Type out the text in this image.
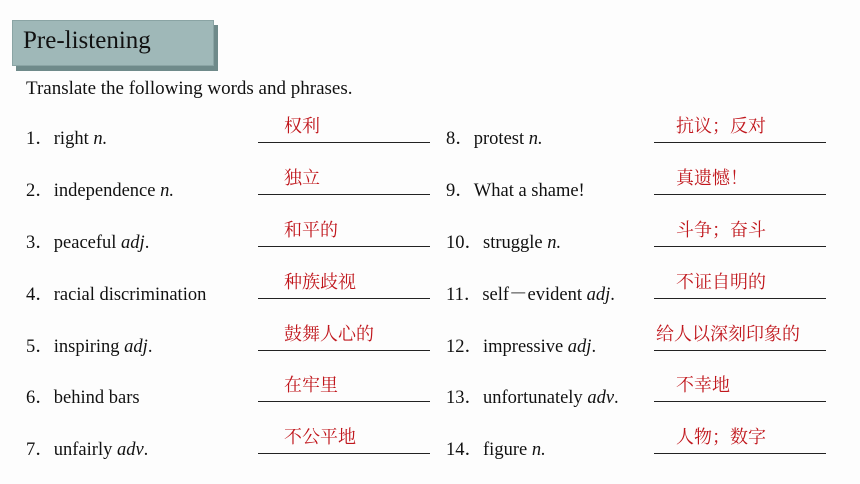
Pre-listening
Translate the following words and phrases.
1．right n.
权利
2．independence n.
独立
3．peaceful adj.
和平的
4．racial discrimination
种族歧视
5．inspiring adj.
鼓舞人心的
6．behind bars
在牢里
7．unfairly adv.
不公平地
8．protest n.
抗议；反对
9．What a shame!
真遗憾！
10．struggle n.
斗争；奋斗
11．self－evident adj.
不证自明的
12．impressive adj.
给人以深刻印象的
13．unfortunately adv.
不幸地
14．figure n.
人物；数字
